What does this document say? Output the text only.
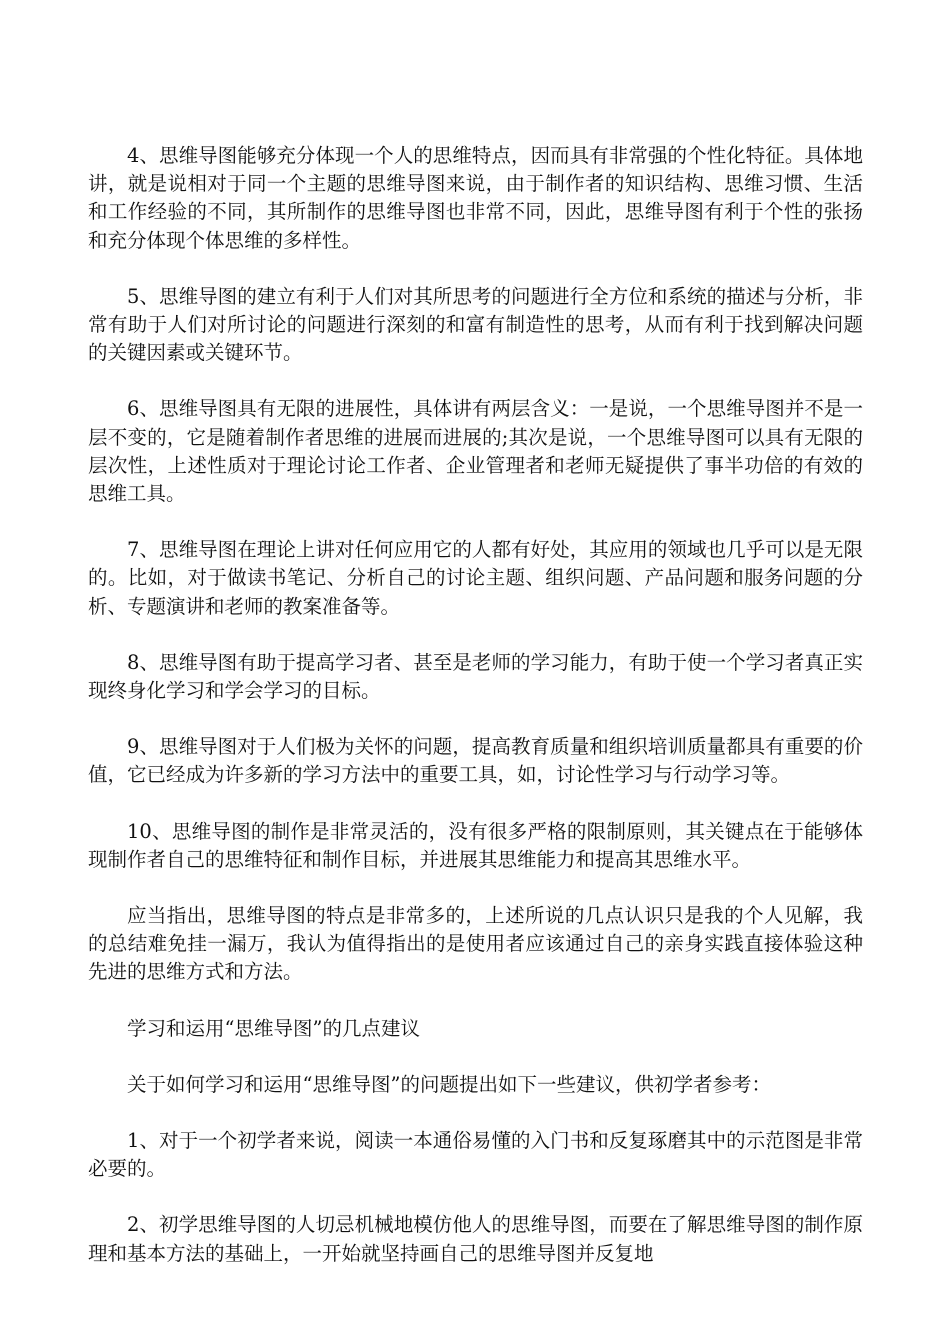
4、思维导图能够充分体现一个人的思维特点，因而具有非常强的个性化特征。具体地讲，就是说相对于同一个主题的思维导图来说，由于制作者的知识结构、思维习惯、生活和工作经验的不同，其所制作的思维导图也非常不同，因此，思维导图有利于个性的张扬和充分体现个体思维的多样性。

5、思维导图的建立有利于人们对其所思考的问题进行全方位和系统的描述与分析，非常有助于人们对所讨论的问题进行深刻的和富有制造性的思考，从而有利于找到解决问题的关键因素或关键环节。

6、思维导图具有无限的进展性，具体讲有两层含义：一是说，一个思维导图并不是一层不变的，它是随着制作者思维的进展而进展的;其次是说，一个思维导图可以具有无限的层次性，上述性质对于理论讨论工作者、企业管理者和老师无疑提供了事半功倍的有效的思维工具。

7、思维导图在理论上讲对任何应用它的人都有好处，其应用的领域也几乎可以是无限的。比如，对于做读书笔记、分析自己的讨论主题、组织问题、产品问题和服务问题的分析、专题演讲和老师的教案准备等。

8、思维导图有助于提高学习者、甚至是老师的学习能力，有助于使一个学习者真正实现终身化学习和学会学习的目标。

9、思维导图对于人们极为关怀的问题，提高教育质量和组织培训质量都具有重要的价值，它已经成为许多新的学习方法中的重要工具，如，讨论性学习与行动学习等。

10、思维导图的制作是非常灵活的，没有很多严格的限制原则，其关键点在于能够体现制作者自己的思维特征和制作目标，并进展其思维能力和提高其思维水平。

应当指出，思维导图的特点是非常多的，上述所说的几点认识只是我的个人见解，我的总结难免挂一漏万，我认为值得指出的是使用者应该通过自己的亲身实践直接体验这种先进的思维方式和方法。

学习和运用“思维导图”的几点建议

关于如何学习和运用“思维导图”的问题提出如下一些建议，供初学者参考：

1、对于一个初学者来说，阅读一本通俗易懂的入门书和反复琢磨其中的示范图是非常必要的。

2、初学思维导图的人切忌机械地模仿他人的思维导图，而要在了解思维导图的制作原理和基本方法的基础上，一开始就坚持画自己的思维导图并反复地
